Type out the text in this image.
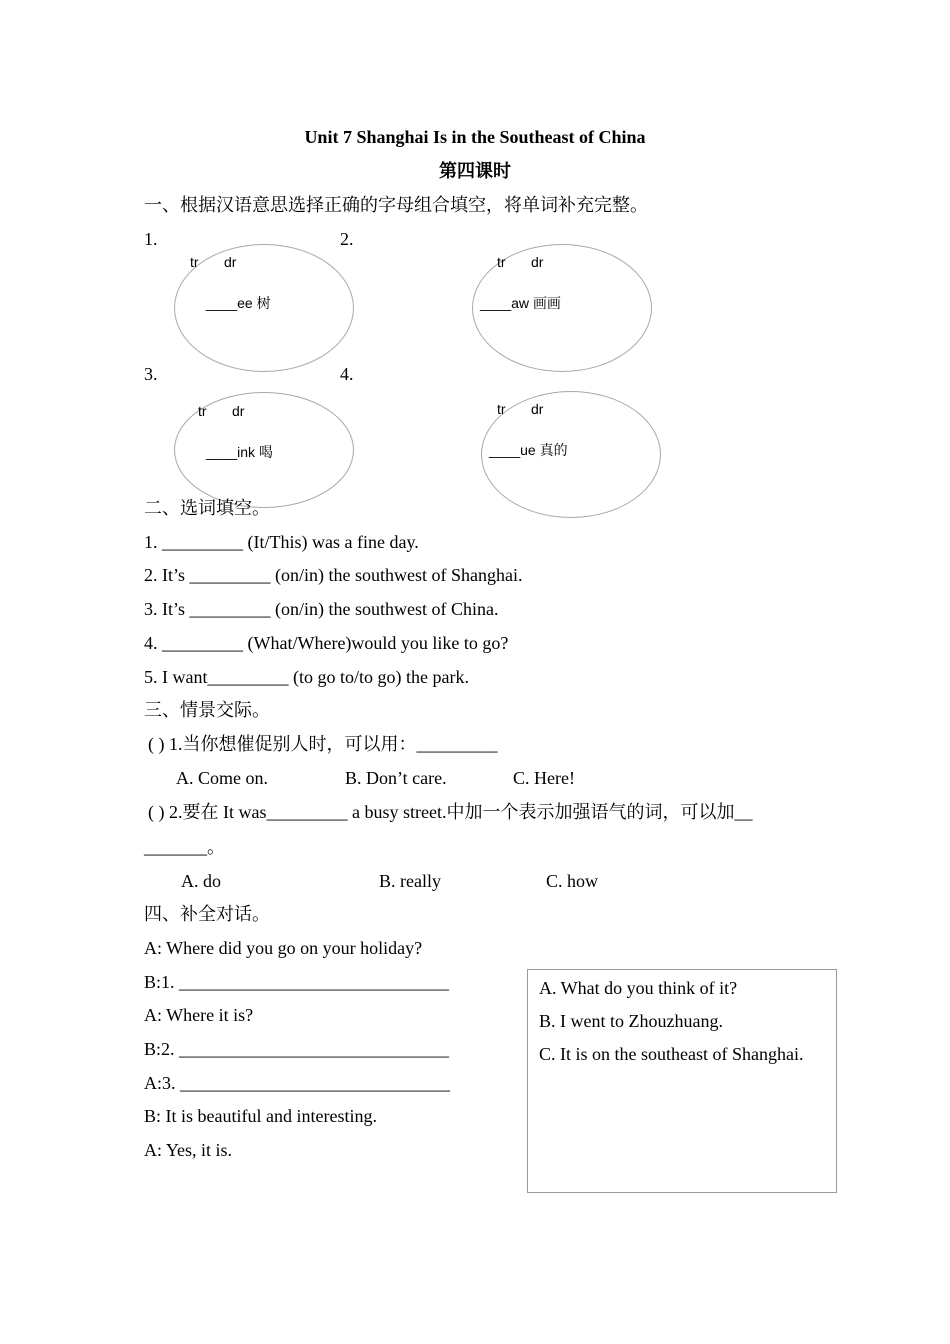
Unit 7 Shanghai Is in the Southeast of China
第四课时
一、根据汉语意思选择正确的字母组合填空，将单词补充完整。
1.	2.
3.	4.
tr dr
____ee 树
tr dr
____aw 画画
tr dr
____ink 喝
tr dr
____ue 真的
二、选词填空。
1. _________ (It/This) was a fine day.
2. It’s _________ (on/in) the southwest of Shanghai.
3. It’s _________ (on/in) the southwest of China.
4. _________ (What/Where)would you like to go?
5. I want_________ (to go to/to go) the park.
三、情景交际。
( ) 1.当你想催促别人时，可以用：_________
A. Come on.	B. Don’t care.	C. Here!
( ) 2.要在 It was_________ a busy street.中加一个表示加强语气的词，可以加__
_______。
A. do	B. really	C. how
四、补全对话。
A: Where did you go on your holiday?
B:1. ______________________________
A: Where it is?
B:2. ______________________________
A:3. ______________________________
B: It is beautiful and interesting.
A: Yes, it is.
A. What do you think of it?
B. I went to Zhouzhuang.
C. It is on the southeast of Shanghai.
